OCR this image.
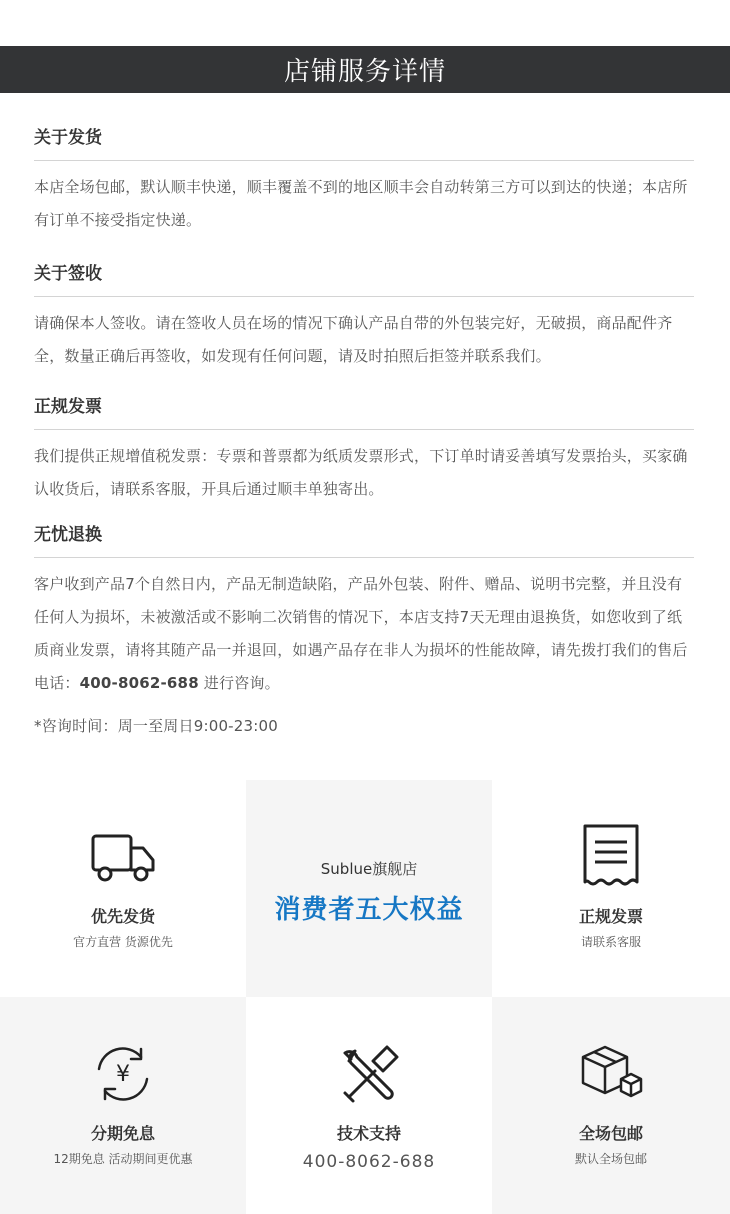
店铺服务详情
关于发货

本店全场包邮，默认顺丰快递，顺丰覆盖不到的地区顺丰会自动转第三方可以到达的快递；本店所有订单不接受指定快递。

关于签收

请确保本人签收。请在签收人员在场的情况下确认产品自带的外包装完好，无破损，商品配件齐全，数量正确后再签收，如发现有任何问题，请及时拍照后拒签并联系我们。

正规发票

我们提供正规增值税发票：专票和普票都为纸质发票形式，下订单时请妥善填写发票抬头，买家确认收货后，请联系客服，开具后通过顺丰单独寄出。

无忧退换

客户收到产品7个自然日内，产品无制造缺陷，产品外包装、附件、赠品、说明书完整，并且没有任何人为损坏，未被激活或不影响二次销售的情况下，本店支持7天无理由退换货，如您收到了纸质商业发票，请将其随产品一并退回，如遇产品存在非人为损坏的性能故障，请先拨打我们的售后电话：400-8062-688 进行咨询。

*咨询时间：周一至周日9:00-23:00

优先发货
官方直营 货源优先
Sublue旗舰店
消费者五大权益	正规发票
请联系客服
¥
分期免息
12期免息 活动期间更优惠
技术支持
400-8062-688
全场包邮
默认全场包邮
